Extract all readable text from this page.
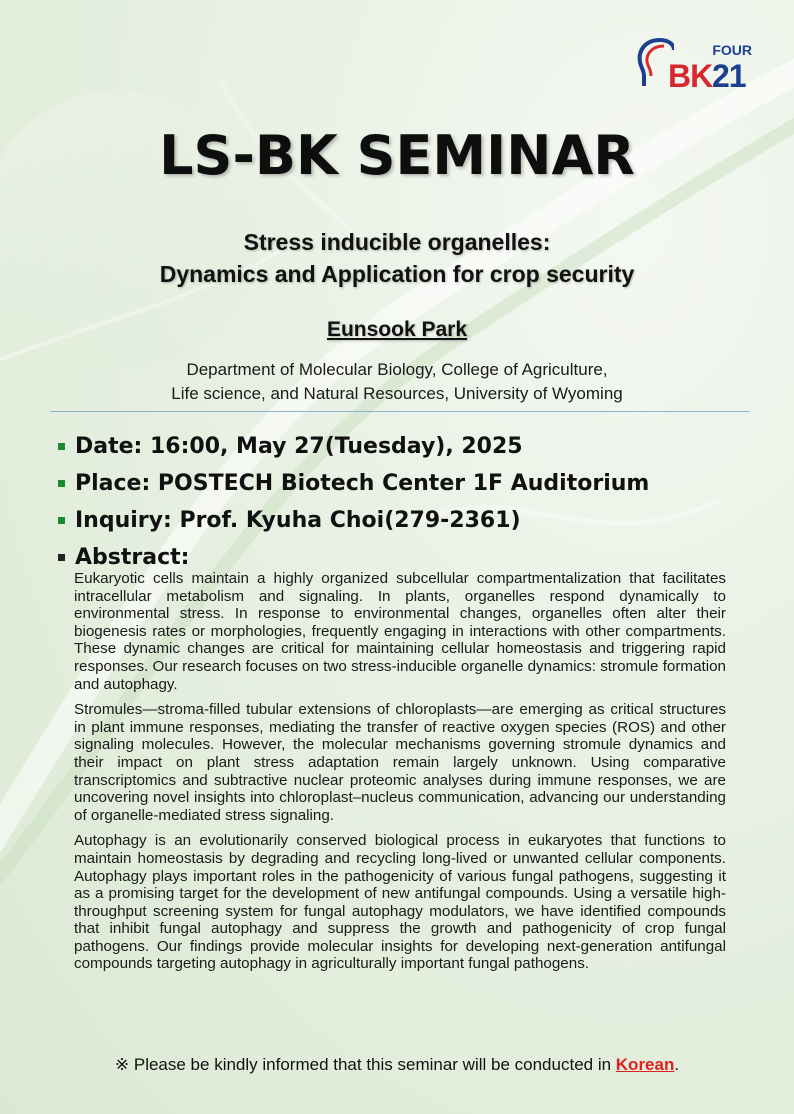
FOUR
BK 21
LS-BK SEMINAR
Stress inducible organelles:
Dynamics and Application for crop security
Eunsook Park
Department of Molecular Biology, College of Agriculture,
Life science, and Natural Resources, University of Wyoming
Date: 16:00, May 27(Tuesday), 2025
Place: POSTECH Biotech Center 1F Auditorium
Inquiry: Prof. Kyuha Choi(279-2361)
Abstract:

Eukaryotic cells maintain a highly organized subcellular compartmentalization that facilitates intracellular metabolism and signaling. In plants, organelles respond dynamically to environmental stress. In response to environmental changes, organelles often alter their biogenesis rates or morphologies, frequently engaging in interactions with other compartments. These dynamic changes are critical for maintaining cellular homeostasis and triggering rapid responses. Our research focuses on two stress-inducible organelle dynamics: stromule formation and autophagy.

Stromules—stroma-filled tubular extensions of chloroplasts—are emerging as critical structures in plant immune responses, mediating the transfer of reactive oxygen species (ROS) and other signaling molecules. However, the molecular mechanisms governing stromule dynamics and their impact on plant stress adaptation remain largely unknown. Using comparative transcriptomics and subtractive nuclear proteomic analyses during immune responses, we are uncovering novel insights into chloroplast–nucleus communication, advancing our understanding of organelle-mediated stress signaling.

Autophagy is an evolutionarily conserved biological process in eukaryotes that functions to maintain homeostasis by degrading and recycling long-lived or unwanted cellular components. Autophagy plays important roles in the pathogenicity of various fungal pathogens, suggesting it as a promising target for the development of new antifungal compounds. Using a versatile high-throughput screening system for fungal autophagy modulators, we have identified compounds that inhibit fungal autophagy and suppress the growth and pathogenicity of crop fungal pathogens. Our findings provide molecular insights for developing next-generation antifungal compounds targeting autophagy in agriculturally important fungal pathogens.

※ Please be kindly informed that this seminar will be conducted in Korean.
